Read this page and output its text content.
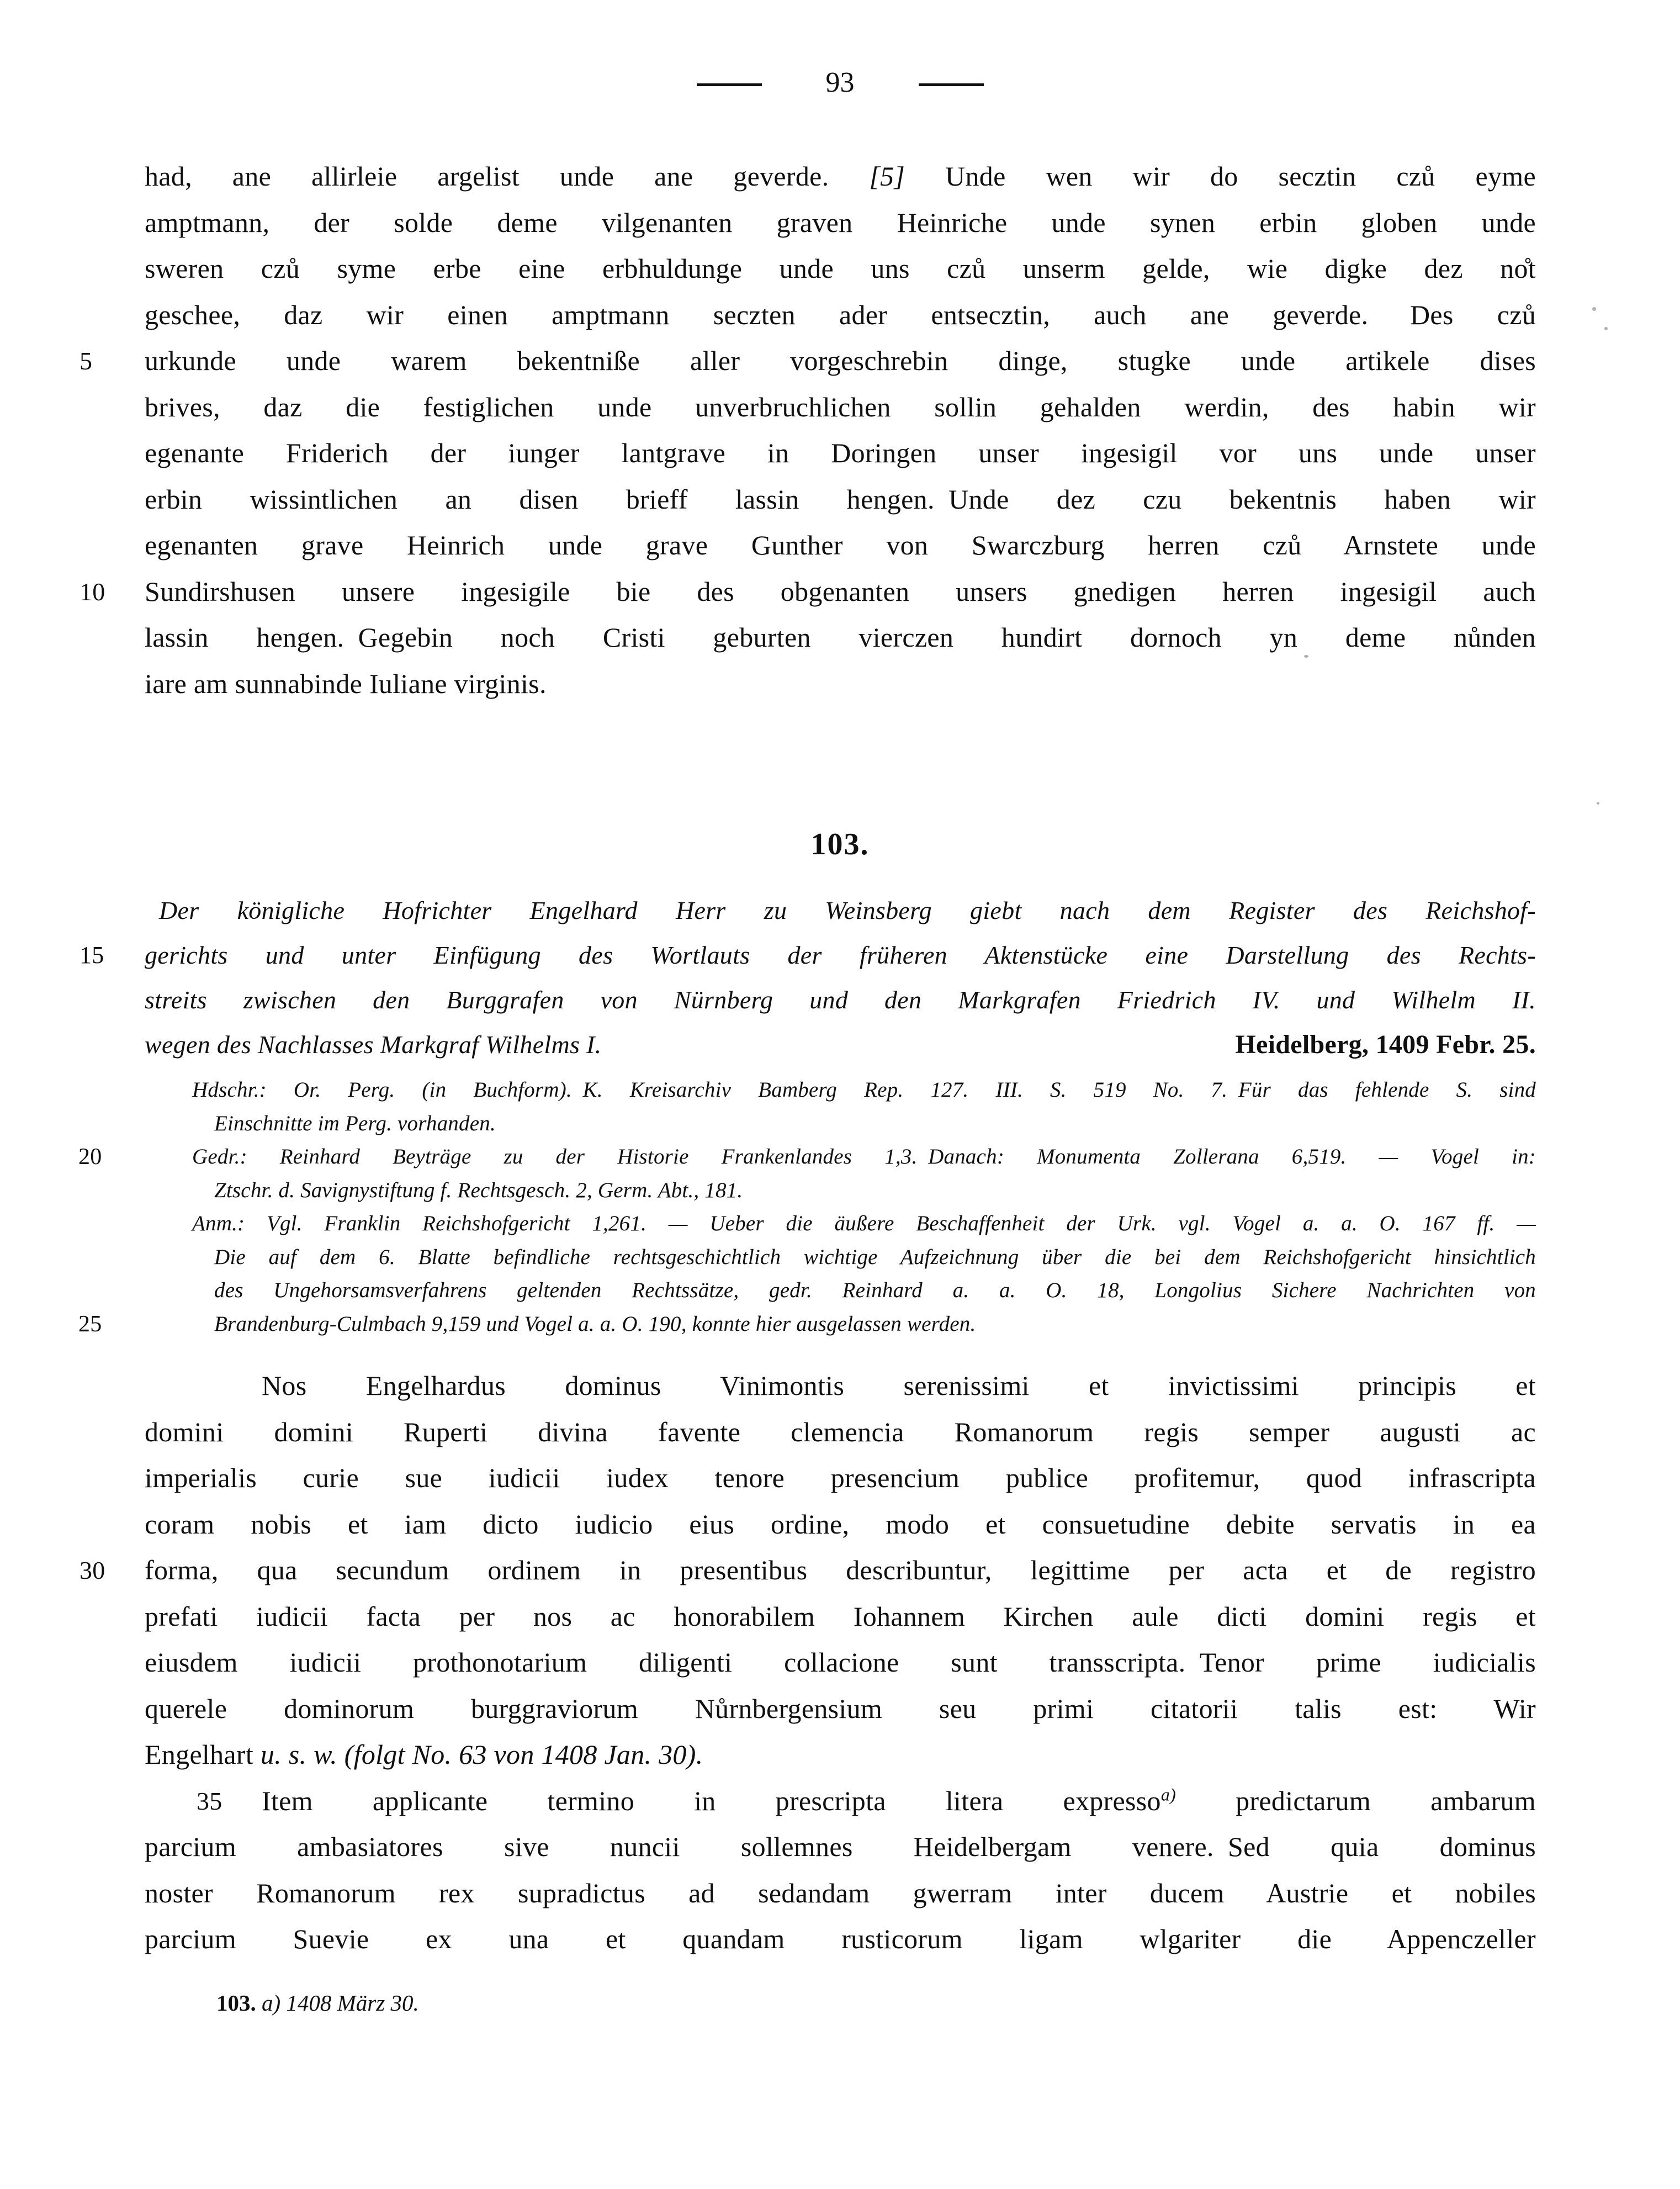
93
had, ane allirleie argelist unde ane geverde. [5] Unde wen wir do secztin czů eyme
amptmann, der solde deme vilgenanten graven Heinriche unde synen erbin globen unde
sweren czů syme erbe eine erbhuldunge unde uns czů unserm gelde, wie digke dez no̊t
geschee, daz wir einen amptmann seczten ader entsecztin, auch ane geverde.  Des czů
5	urkunde unde warem bekentniße aller vorgeschrebin dinge, stugke unde artikele dises
brives, daz die festiglichen unde unverbruchlichen sollin gehalden werdin, des habin wir
egenante Friderich der iunger lantgrave in Doringen unser ingesigil vor uns unde unser
erbin wissintlichen an disen brieff lassin hengen. Unde dez czu bekentnis haben wir
egenanten grave Heinrich unde grave Gunther von Swarczburg herren czů Arnstete unde
10	Sundirshusen unsere ingesigile bie des obgenanten unsers gnedigen herren ingesigil auch
lassin hengen. Gegebin noch Cristi geburten vierczen hundirt dornoch yn deme nůnden
iare am sunnabinde Iuliane virginis.
103.
Der königliche Hofrichter Engelhard Herr zu Weinsberg giebt nach dem Register des Reichshof-
15	gerichts und unter Einfügung des Wortlauts der früheren Aktenstücke eine Darstellung des Rechts-
streits zwischen den Burggrafen von Nürnberg und den Markgrafen Friedrich IV. und Wilhelm II.
wegen des Nachlasses Markgraf Wilhelms I.	Heidelberg, 1409 Febr. 25.
Hdschr.: Or. Perg. (in Buchform). K. Kreisarchiv Bamberg Rep. 127. III. S. 519 No. 7. Für das fehlende S. sind
Einschnitte im Perg. vorhanden.
20	Gedr.: Reinhard Beyträge zu der Historie Frankenlandes 1,3. Danach: Monumenta Zollerana 6,519. — Vogel in:
Ztschr. d. Savignystiftung f. Rechtsgesch. 2, Germ. Abt., 181.
Anm.: Vgl. Franklin Reichshofgericht 1,261. — Ueber die äußere Beschaffenheit der Urk. vgl. Vogel a. a. O. 167 ff. —
Die auf dem 6. Blatte befindliche rechtsgeschichtlich wichtige Aufzeichnung über die bei dem Reichshofgericht hinsichtlich
des Ungehorsamsverfahrens geltenden Rechtssätze, gedr. Reinhard a. a. O. 18, Longolius Sichere Nachrichten von
25	Brandenburg-Culmbach 9,159 und Vogel a. a. O. 190, konnte hier ausgelassen werden.
Nos Engelhardus dominus Vinimontis serenissimi et invictissimi principis et
domini domini Ruperti divina favente clemencia Romanorum regis semper augusti ac
imperialis curie sue iudicii iudex tenore presencium publice profitemur, quod infrascripta
coram nobis et iam dicto iudicio eius ordine, modo et consuetudine debite servatis in ea
30	forma, qua secundum ordinem in presentibus describuntur, legittime per acta et de registro
prefati iudicii facta per nos ac honorabilem Iohannem Kirchen aule dicti domini regis et
eiusdem iudicii prothonotarium diligenti collacione sunt transscripta. Tenor prime iudicialis
querele dominorum burggraviorum Nůrnbergensium seu primi citatorii talis est: Wir
Engelhart u. s. w. (folgt No. 63 von 1408 Jan. 30).
35 Item applicante termino in prescripta litera expresso$^{a)}$ predictarum ambarum
parcium ambasiatores sive nuncii sollemnes Heidelbergam venere. Sed quia dominus
noster Romanorum rex supradictus ad sedandam gwerram inter ducem Austrie et nobiles
parcium Suevie ex una et quandam rusticorum ligam wlgariter die Appenczeller
103. a) 1408 März 30.
